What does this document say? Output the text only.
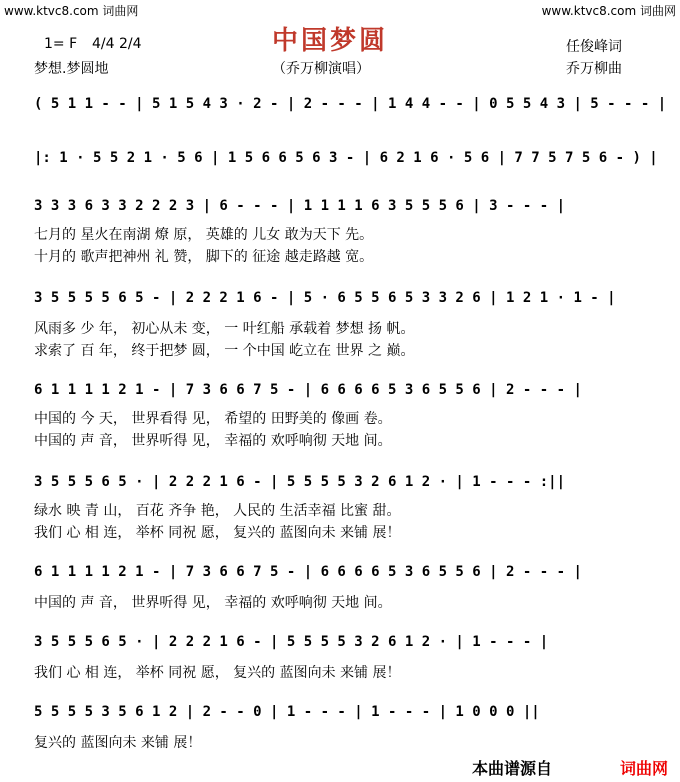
www.ktvc8.com 词曲网	www.ktvc8.com 词曲网
1= F 4/4 2/4	中国梦圆	任俊峰词
梦想.梦圆地	（乔万柳演唱）	乔万柳曲
( 5 1 1 - - | 5 1 5 4 3 · 2 - | 2 - - - | 1 4 4 - - | 0 5 5 4 3 | 5 - - - |
|: 1 · 5 5 2 1 · 5 6 | 1 5 6 6 5 6 3 - | 6 2 1 6 · 5 6 | 7 7 5 7 5 6 - ) |
3 3 3 6 3 3 2 2 2 3 | 6 - - - | 1 1 1 1 6 3 5 5 5 6 | 3 - - - |
七月的 星火在南湖 燎 原， 英雄的 儿女 敢为天下 先。
十月的 歌声把神州 礼 赞， 脚下的 征途 越走路越 宽。
3 5 5 5 5 6 5 - | 2 2 2 1 6 - | 5 · 6 5 5 6 5 3 3 2 6 | 1 2 1 · 1 - |
风雨多 少 年， 初心从未 变， 一 叶红船 承载着 梦想 扬 帆。
求索了 百 年， 终于把梦 圆， 一 个中国 屹立在 世界 之 巅。
6 1 1 1 1 2 1 - | 7 3 6 6 7 5 - | 6 6 6 6 5 3 6 5 5 6 | 2 - - - |
中国的 今 天， 世界看得 见， 希望的 田野美的 像画 卷。
中国的 声 音， 世界听得 见， 幸福的 欢呼响彻 天地 间。
3 5 5 5 6 5 · | 2 2 2 1 6 - | 5 5 5 5 3 2 6 1 2 · | 1 - - - :||
绿水 映 青 山， 百花 齐争 艳， 人民的 生活幸福 比蜜 甜。
我们 心 相 连， 举杯 同祝 愿， 复兴的 蓝图向未 来铺 展！
6 1 1 1 1 2 1 - | 7 3 6 6 7 5 - | 6 6 6 6 5 3 6 5 5 6 | 2 - - - |
中国的 声 音， 世界听得 见， 幸福的 欢呼响彻 天地 间。
3 5 5 5 6 5 · | 2 2 2 1 6 - | 5 5 5 5 3 2 6 1 2 · | 1 - - - |
我们 心 相 连， 举杯 同祝 愿， 复兴的 蓝图向未 来铺 展！
5 5 5 5 3 5 6 1 2 | 2 - - 0 | 1 - - - | 1 - - - | 1 0 0 0 ||
复兴的 蓝图向未 来铺 展！
本曲谱源自	词曲网
